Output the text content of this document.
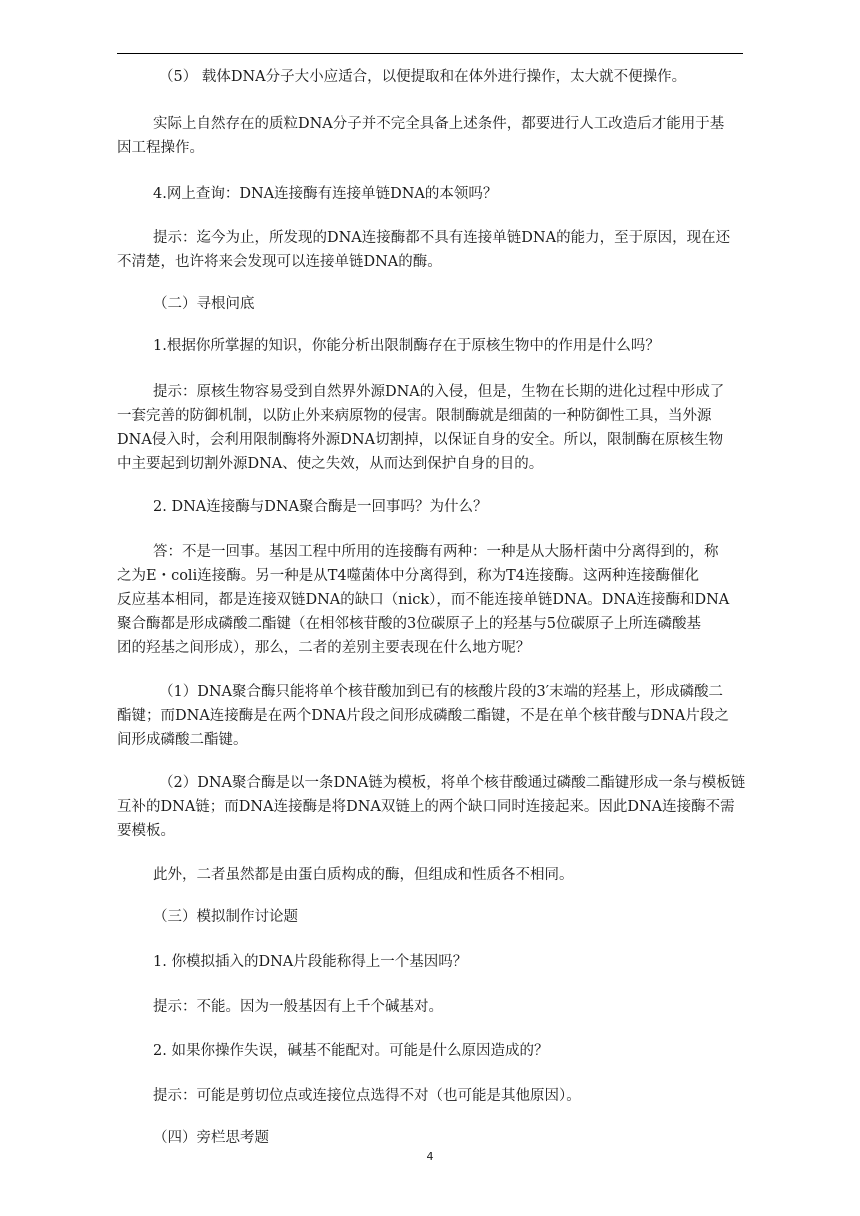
（5） 载体DNA分子大小应适合，以便提取和在体外进行操作，太大就不便操作。
实际上自然存在的质粒DNA分子并不完全具备上述条件，都要进行人工改造后才能用于基
因工程操作。
4.网上查询：DNA连接酶有连接单链DNA的本领吗？
提示：迄今为止，所发现的DNA连接酶都不具有连接单链DNA的能力，至于原因，现在还
不清楚，也许将来会发现可以连接单链DNA的酶。
（二）寻根问底
1.根据你所掌握的知识，你能分析出限制酶存在于原核生物中的作用是什么吗？
提示：原核生物容易受到自然界外源DNA的入侵，但是，生物在长期的进化过程中形成了
一套完善的防御机制，以防止外来病原物的侵害。限制酶就是细菌的一种防御性工具，当外源
DNA侵入时，会利用限制酶将外源DNA切割掉，以保证自身的安全。所以，限制酶在原核生物
中主要起到切割外源DNA、使之失效，从而达到保护自身的目的。
2. DNA连接酶与DNA聚合酶是一回事吗？为什么？
答：不是一回事。基因工程中所用的连接酶有两种：一种是从大肠杆菌中分离得到的，称
之为E・coli连接酶。另一种是从T4噬菌体中分离得到，称为T4连接酶。这两种连接酶催化
反应基本相同，都是连接双链DNA的缺口（nick），而不能连接单链DNA。DNA连接酶和DNA
聚合酶都是形成磷酸二酯键（在相邻核苷酸的3位碳原子上的羟基与5位碳原子上所连磷酸基
团的羟基之间形成），那么，二者的差别主要表现在什么地方呢？
（1）DNA聚合酶只能将单个核苷酸加到已有的核酸片段的3′末端的羟基上，形成磷酸二
酯键；而DNA连接酶是在两个DNA片段之间形成磷酸二酯键，不是在单个核苷酸与DNA片段之
间形成磷酸二酯键。
（2）DNA聚合酶是以一条DNA链为模板，将单个核苷酸通过磷酸二酯键形成一条与模板链
互补的DNA链；而DNA连接酶是将DNA双链上的两个缺口同时连接起来。因此DNA连接酶不需
要模板。
此外，二者虽然都是由蛋白质构成的酶，但组成和性质各不相同。
（三）模拟制作讨论题
1. 你模拟插入的DNA片段能称得上一个基因吗？
提示：不能。因为一般基因有上千个碱基对。
2. 如果你操作失误，碱基不能配对。可能是什么原因造成的？
提示：可能是剪切位点或连接位点选得不对（也可能是其他原因）。
（四）旁栏思考题
4
